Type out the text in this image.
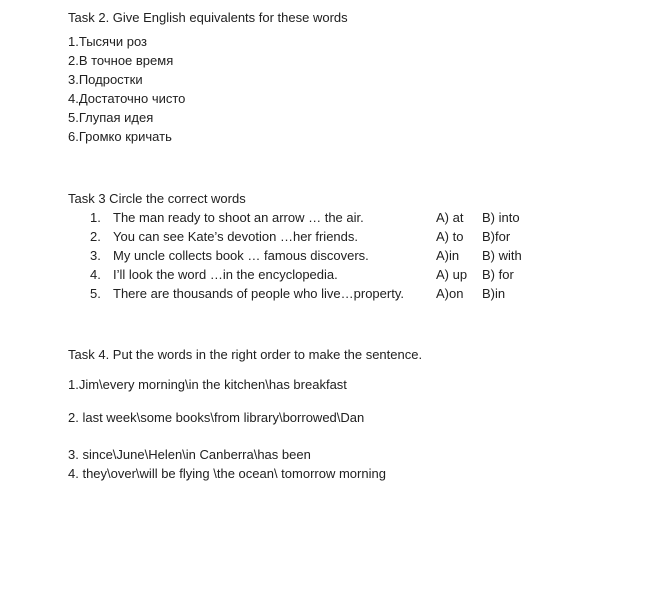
Task 2. Give English equivalents for these words
1.Тысячи роз
2.В точное время
3.Подростки
4.Достаточно чисто
5.Глупая идея
6.Громко кричать
Task 3 Circle the correct words
1. The man ready to shoot an arrow … the air.	A) at	B) into
2. You can see Kate’s devotion …her friends.	A) to	B)for
3. My uncle collects book … famous discovers.	A)in	B) with
4. I’ll look the word …in the encyclopedia.	A) up	B) for
5. There are thousands of people who live…property.	A)on	B)in
Task 4. Put the words in the right order to make the sentence.
1.Jim\every morning\in the kitchen\has breakfast
2. last week\some books\from library\borrowed\Dan
3. since\June\Helen\in Canberra\has been
4. they\over\will be flying \the ocean\ tomorrow morning
